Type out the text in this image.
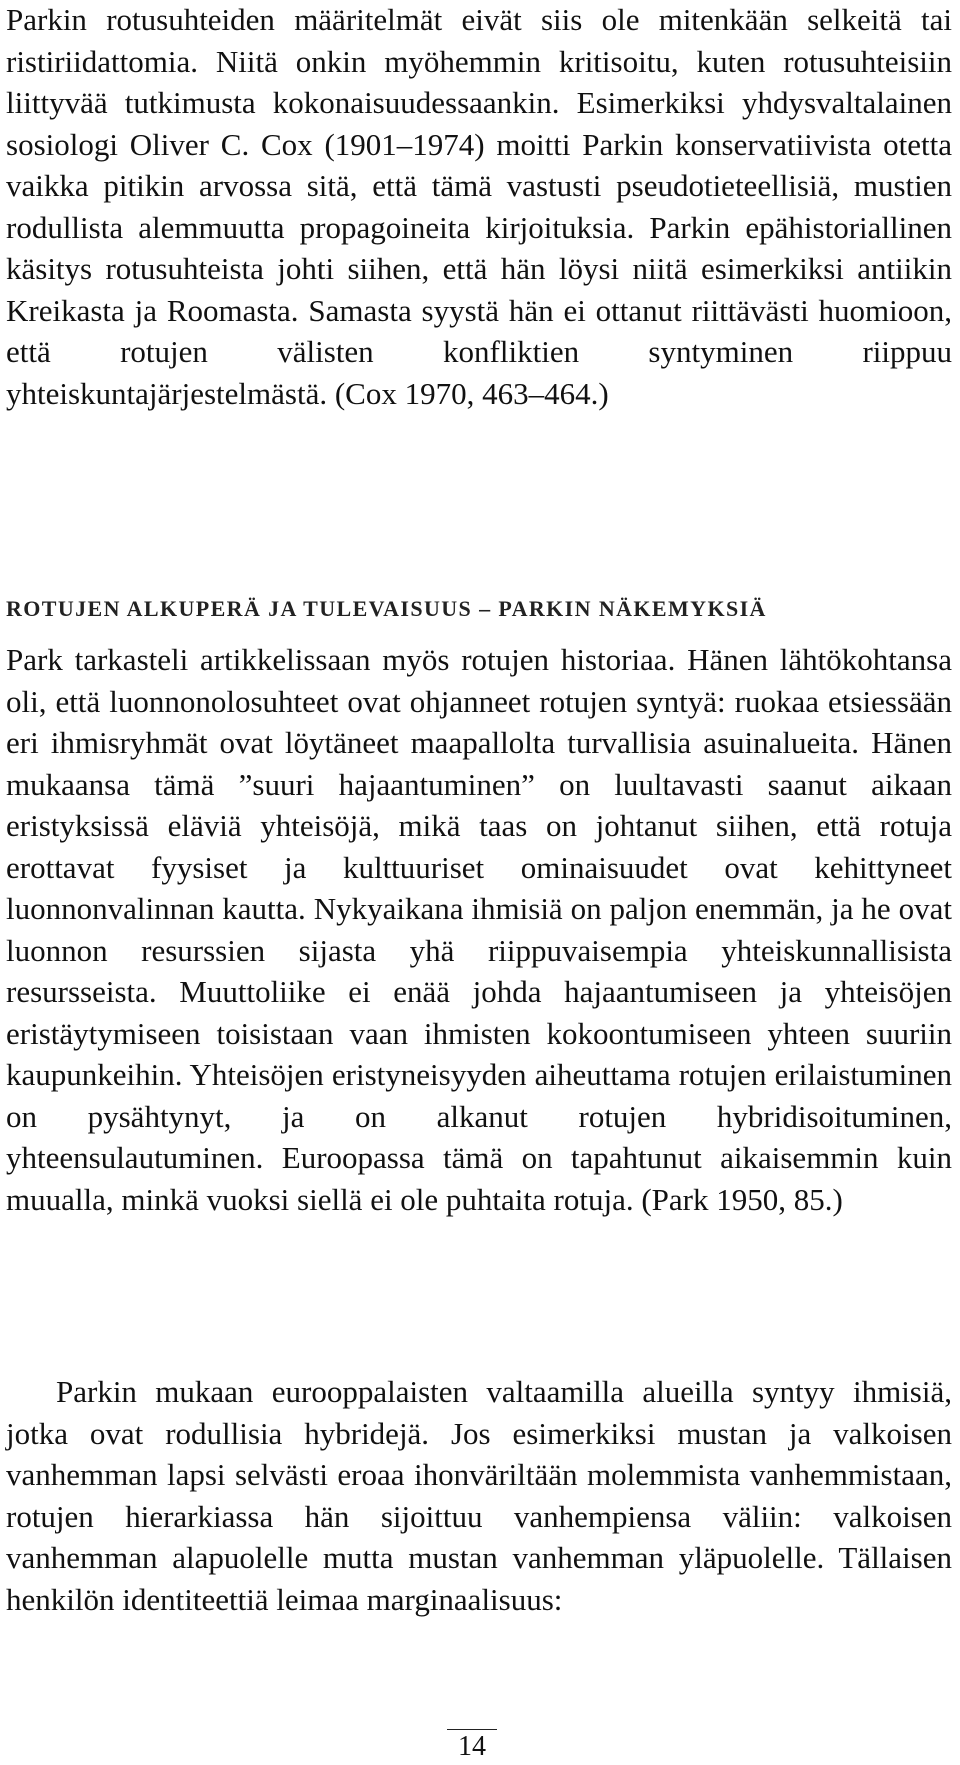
Parkin rotusuhteiden määritelmät eivät siis ole mitenkään selkeitä tai ristiriidattomia. Niitä onkin myöhemmin kritisoitu, kuten rotusuhteisiin liittyvää tutkimusta kokonaisuudessaankin. Esimerkiksi yhdysvaltalainen sosiologi Oliver C. Cox (1901–1974) moitti Parkin konservatiivista otetta vaikka pitikin arvossa sitä, että tämä vastusti pseudotieteellisiä, mustien rodullista alemmuutta propagoineita kirjoituksia. Parkin epähistoriallinen käsitys rotusuhteista johti siihen, että hän löysi niitä esimerkiksi antiikin Kreikasta ja Roomasta. Samasta syystä hän ei ottanut riittävästi huomioon, että rotujen välisten konfliktien syntyminen riippuu yhteiskuntajärjestelmästä. (Cox 1970, 463–464.)

ROTUJEN ALKUPERÄ JA TULEVAISUUS – PARKIN NÄKEMYKSIÄ

Park tarkasteli artikkelissaan myös rotujen historiaa. Hänen lähtökohtansa oli, että luonnonolosuhteet ovat ohjanneet rotujen syntyä: ruokaa etsiessään eri ihmisryhmät ovat löytäneet maapallolta turvallisia asuinalueita. Hänen mukaansa tämä ”suuri hajaantuminen” on luultavasti saanut aikaan eristyksissä eläviä yhteisöjä, mikä taas on johtanut siihen, että rotuja erottavat fyysiset ja kulttuuriset ominaisuudet ovat kehittyneet luonnonvalinnan kautta. Nykyaikana ihmisiä on paljon enemmän, ja he ovat luonnon resurssien sijasta yhä riippuvaisempia yhteiskunnallisista resursseista. Muuttoliike ei enää johda hajaantumiseen ja yhteisöjen eristäytymiseen toisistaan vaan ihmisten kokoontumiseen yhteen suuriin kaupunkeihin. Yhteisöjen eristyneisyyden aiheuttama rotujen erilaistuminen on pysähtynyt, ja on alkanut rotujen hybridisoituminen, yhteensulautuminen. Euroopassa tämä on tapahtunut aikaisemmin kuin muualla, minkä vuoksi siellä ei ole puhtaita rotuja. (Park 1950, 85.)

Parkin mukaan eurooppalaisten valtaamilla alueilla syntyy ihmisiä, jotka ovat rodullisia hybridejä. Jos esimerkiksi mustan ja valkoisen vanhemman lapsi selvästi eroaa ihonväriltään molemmista vanhemmistaan, rotujen hierarkiassa hän sijoittuu vanhempiensa väliin: valkoisen vanhemman alapuolelle mutta mustan vanhemman yläpuolelle. Tällaisen henkilön identiteettiä leimaa marginaalisuus:

14
